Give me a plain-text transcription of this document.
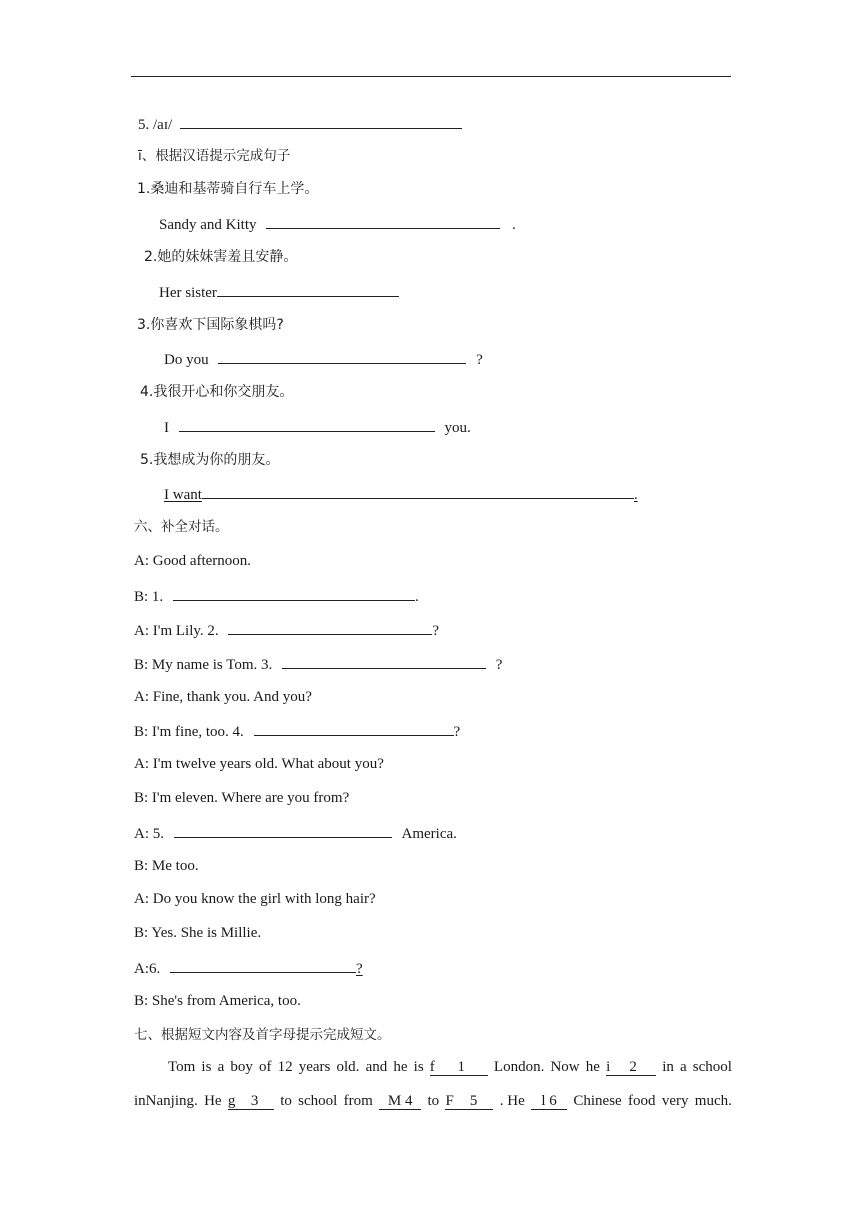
5. /aɪ/
ī、根据汉语提示完成句子
1.桑迪和基蒂骑自行车上学。
Sandy and Kitty	.
2.她的妹妹害羞且安静。
Her sister
3.你喜欢下国际象棋吗?
Do you	?
4.我很开心和你交朋友。
I	you.
5.我想成为你的朋友。
I want	.
六、补全对话。
A: Good afternoon.
B: 1.	.
A: I'm Lily. 2.	?
B: My name is Tom. 3.	?
A: Fine, thank you. And you?
B: I'm fine, too. 4.	?
A: I'm twelve years old. What about you?
B: I'm eleven. Where are you from?
A: 5.	America.
B: Me too.
A: Do you know the girl with long hair?
B: Yes. She is Millie.
A:6.	?
B: She's from America, too.
七、根据短文内容及首字母提示完成短文。
Tom is a boy of 12 years old. and he is f 1	London. Now he i 2	in a school
inNanjing. He g 3	to school from	M 4	to F 5	. He	l 6	Chinese food very much.
